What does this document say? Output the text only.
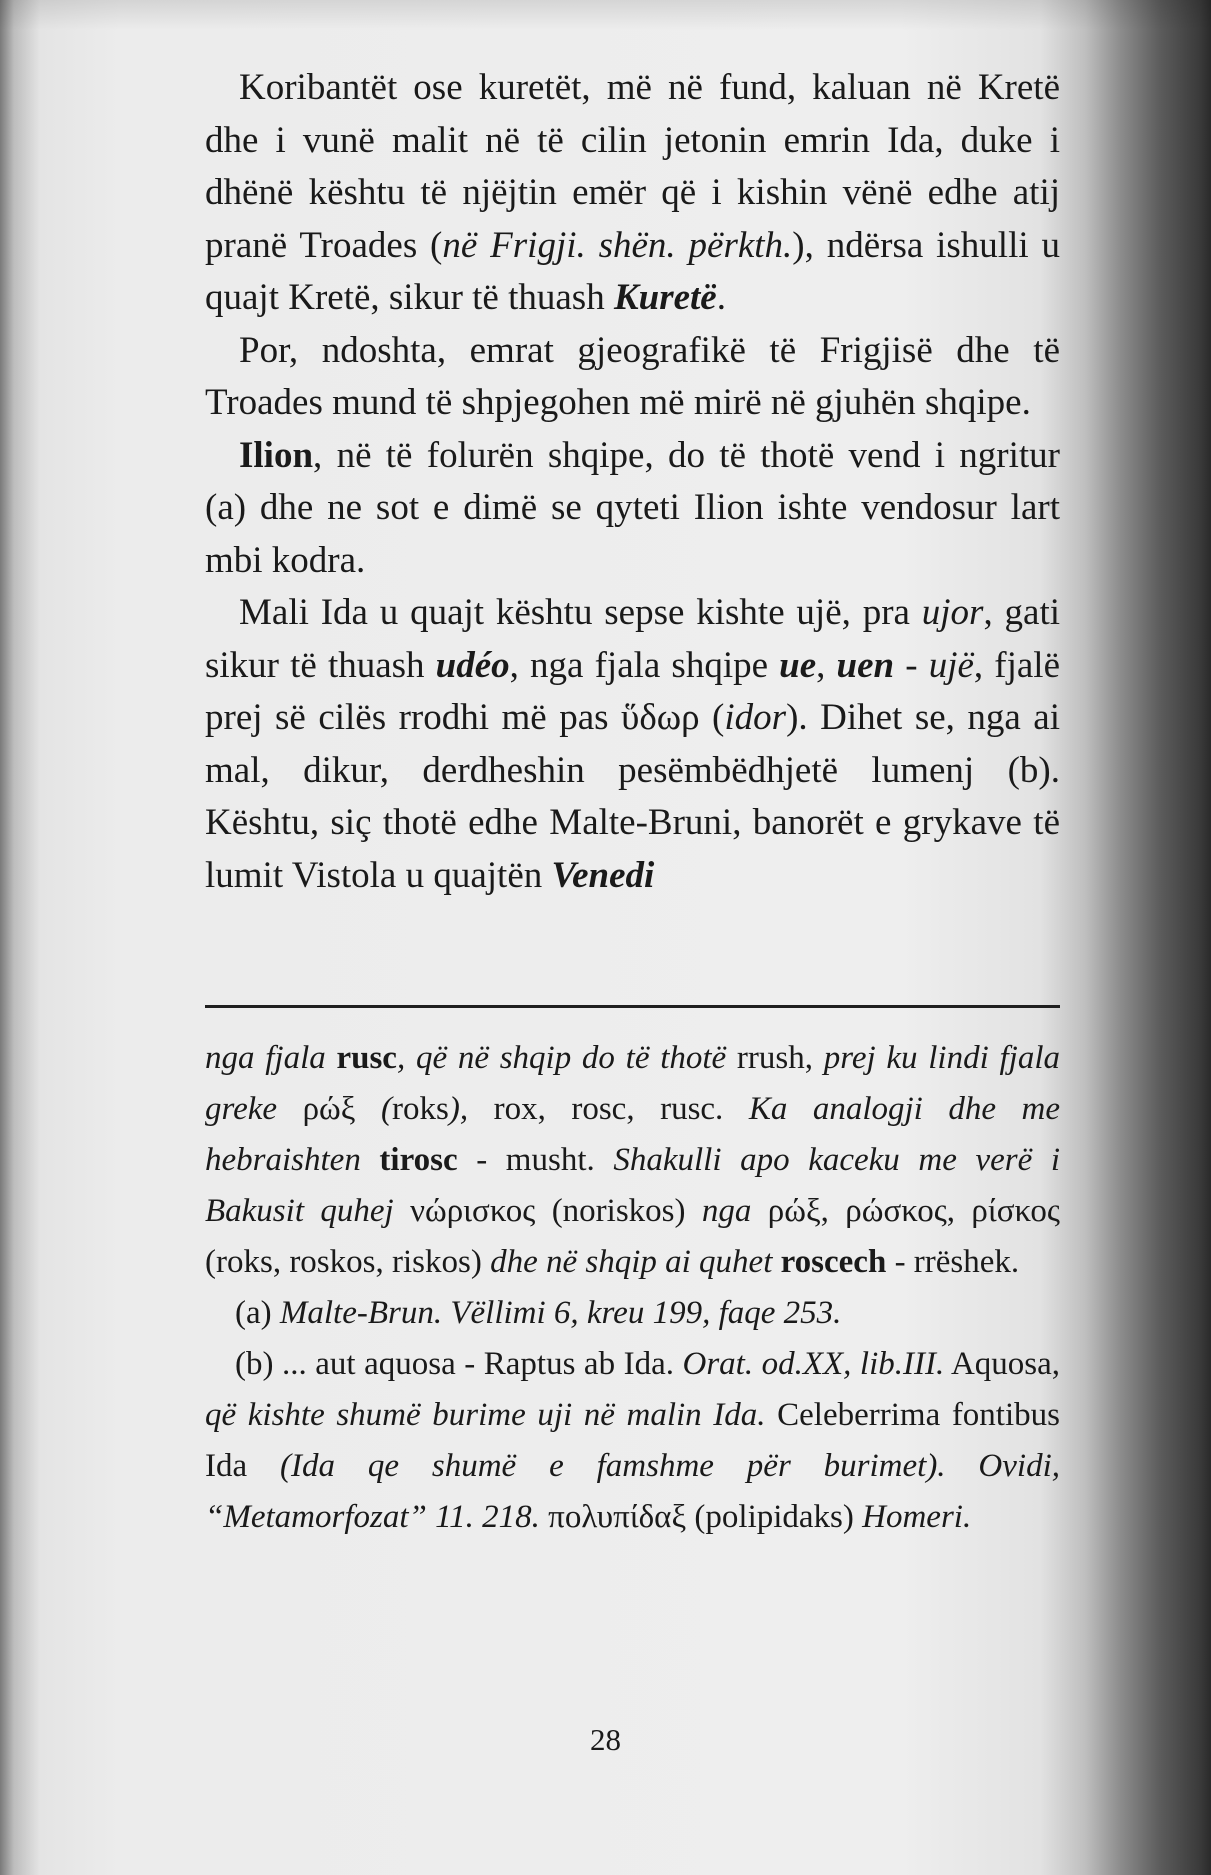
Koribantët ose kuretët, më në fund, kaluan në Kretë dhe i vunë malit në të cilin jetonin emrin Ida, duke i dhënë kështu të njëjtin emër që i kishin vënë edhe atij pranë Troades (në Frigji. shën. përkth.), ndërsa ishulli u quajt Kretë, sikur të thuash Kuretë.

Por, ndoshta, emrat gjeografikë të Frigjisë dhe të Troades mund të shpjegohen më mirë në gjuhën shqipe.

Ilion, në të folurën shqipe, do të thotë vend i ngritur (a) dhe ne sot e dimë se qyteti Ilion ishte vendosur lart mbi kodra.

Mali Ida u quajt kështu sepse kishte ujë, pra ujor, gati sikur të thuash udéo, nga fjala shqipe ue, uen - ujë, fjalë prej së cilës rrodhi më pas ὕδωρ (idor). Dihet se, nga ai mal, dikur, derdheshin pesëmbëdhjetë lumenj (b). Kështu, siç thotë edhe Malte-Bruni, banorët e grykave të lumit Vistola u quajtën Venedi

nga fjala rusc, që në shqip do të thotë rrush, prej ku lindi fjala greke ρώξ (roks), rox, rosc, rusc. Ka analogji dhe me hebraishten tirosc - musht. Shakulli apo kaceku me verë i Bakusit quhej νώρισκος (noriskos) nga ρώξ, ρώσκος, ρίσκος (roks, roskos, riskos) dhe në shqip ai quhet roscech - rrëshek.

(a) Malte-Brun. Vëllimi 6, kreu 199, faqe 253.

(b) ... aut aquosa - Raptus ab Ida. Orat. od.XX, lib.III. Aquosa, që kishte shumë burime uji në malin Ida. Celeberrima fontibus Ida (Ida qe shumë e famshme për burimet). Ovidi, “Metamorfozat” 11. 218. πολυπίδαξ (polipidaks) Homeri.

28
